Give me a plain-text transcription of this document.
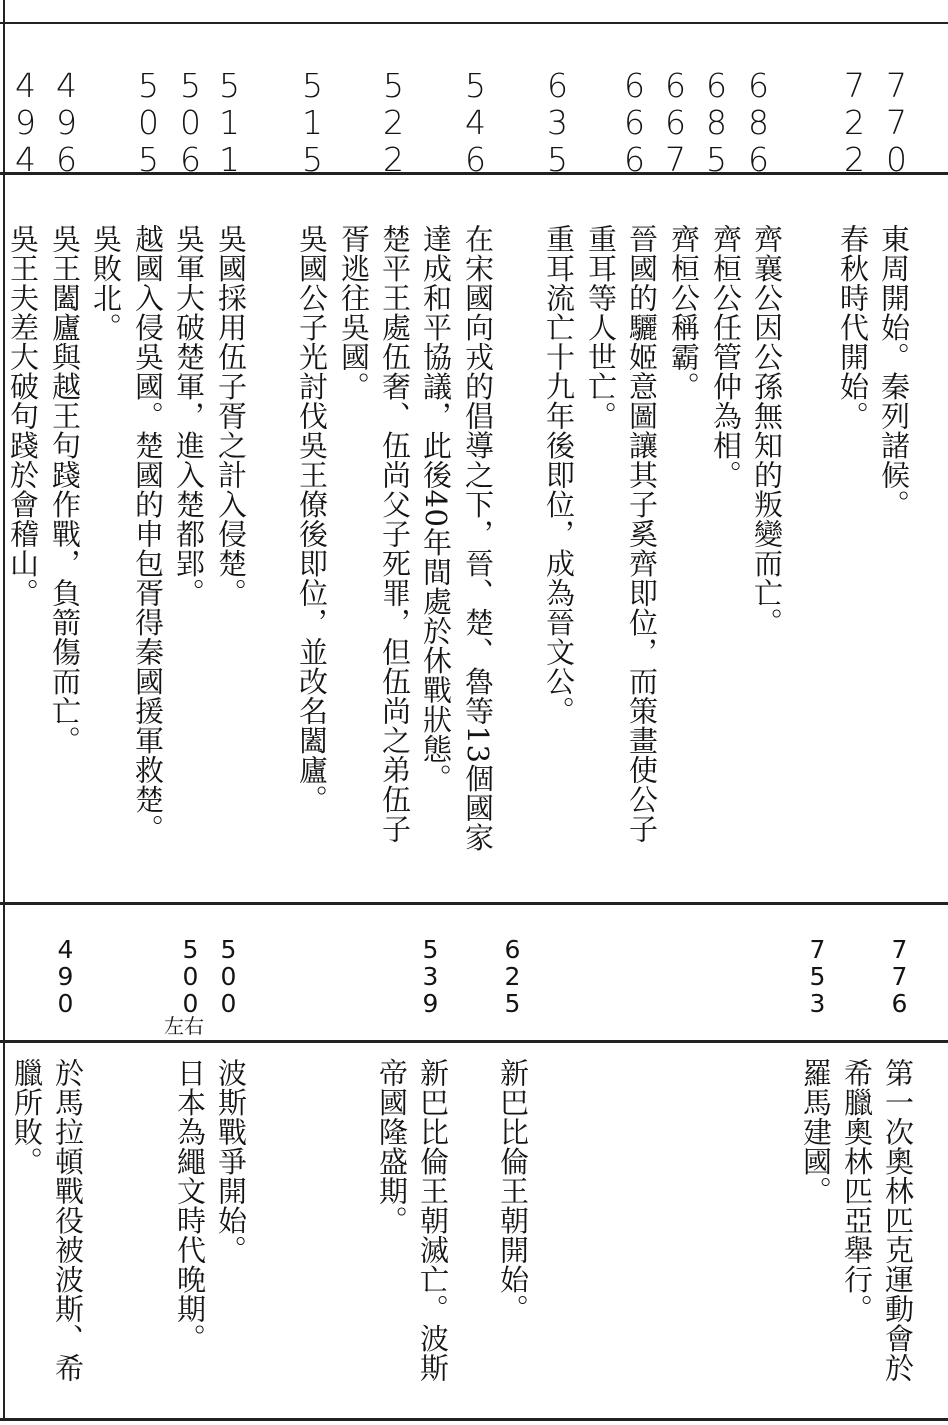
770
722
686
685
667
666
635
546
522
515
511
506
505
496
494
東周開始。秦列諸候。
春秋時代開始。
齊襄公因公孫無知的叛變而亡。
齊桓公任管仲為相。
齊桓公稱霸。
晉國的驪姬意圖讓其子奚齊即位，而策畫使公子
重耳等人世亡。
重耳流亡十九年後即位，成為晉文公。
在宋國向戎的倡導之下，晉、楚、魯等13個國家
達成和平協議，此後40年間處於休戰狀態。
楚平王處伍奢、伍尚父子死罪，但伍尚之弟伍子
胥逃往吳國。
吳國公子光討伐吳王僚後即位，並改名闔廬。
吳國採用伍子胥之計入侵楚。
吳軍大破楚軍，進入楚都郢。
越國入侵吳國。楚國的申包胥得秦國援軍救楚。
吳敗北。
吳王闔廬與越王句踐作戰，負箭傷而亡。
吳王夫差大破句踐於會稽山。
776
753
625
539
500
500
490
左右
第一次奧林匹克運動會於
希臘奧林匹亞舉行。
羅馬建國。
新巴比倫王朝開始。
新巴比倫王朝滅亡。波斯
帝國隆盛期。
波斯戰爭開始。
日本為繩文時代晚期。
於馬拉頓戰役被波斯、希
臘所敗。
